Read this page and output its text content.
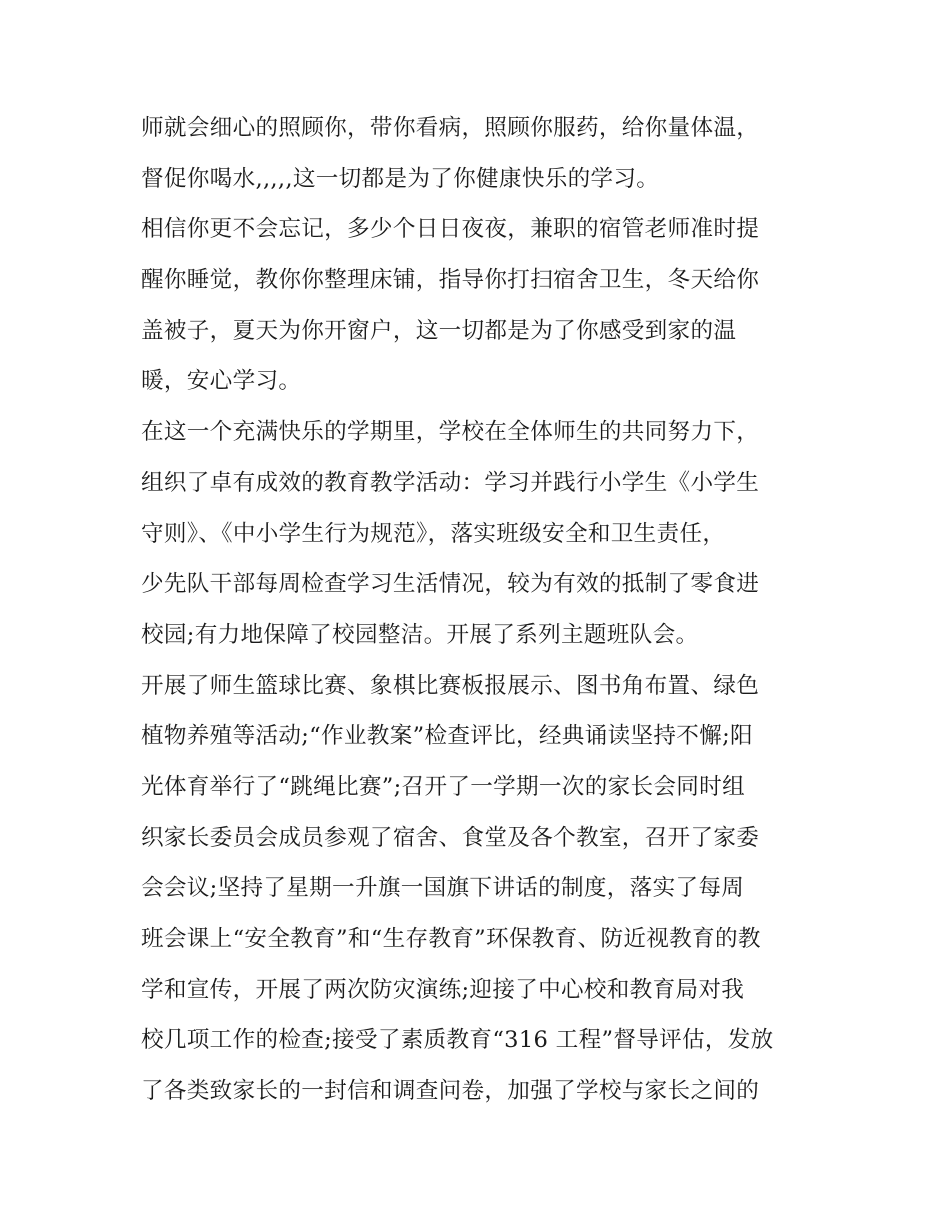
师就会细心的照顾你，带你看病，照顾你服药，给你量体温，
督促你喝水,,,,,这一切都是为了你健康快乐的学习。
相信你更不会忘记，多少个日日夜夜，兼职的宿管老师准时提
醒你睡觉，教你你整理床铺，指导你打扫宿舍卫生，冬天给你
盖被子，夏天为你开窗户，这一切都是为了你感受到家的温
暖，安心学习。
在这一个充满快乐的学期里，学校在全体师生的共同努力下，
组织了卓有成效的教育教学活动：学习并践行小学生《小学生
守则》、《中小学生行为规范》，落实班级安全和卫生责任，
少先队干部每周检查学习生活情况，较为有效的抵制了零食进
校园;有力地保障了校园整洁。开展了系列主题班队会。
开展了师生篮球比赛、象棋比赛板报展示、图书角布置、绿色
植物养殖等活动;“作业教案”检查评比，经典诵读坚持不懈;阳
光体育举行了“跳绳比赛”;召开了一学期一次的家长会同时组
织家长委员会成员参观了宿舍、食堂及各个教室，召开了家委
会会议;坚持了星期一升旗一国旗下讲话的制度，落实了每周
班会课上“安全教育”和“生存教育”环保教育、防近视教育的教
学和宣传，开展了两次防灾演练;迎接了中心校和教育局对我
校几项工作的检查;接受了素质教育“316 工程”督导评估，发放
了各类致家长的一封信和调查问卷，加强了学校与家长之间的
